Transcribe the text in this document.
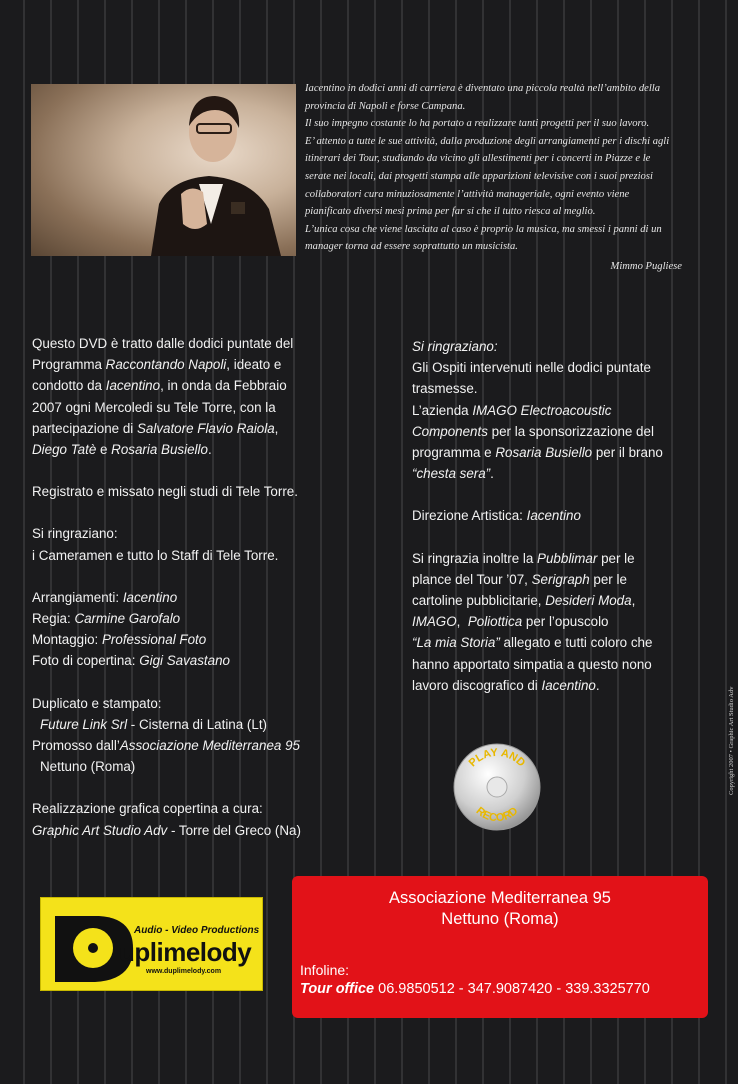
Iacentino in dodici anni di carriera è diventato una piccola realtà nell’ambito della

provincia di Napoli e forse Campana.

Il suo impegno costante lo ha portato a realizzare tanti progetti per il suo lavoro.

E’ attento a tutte le sue attività, dalla produzione degli arrangiamenti per i dischi agli

itinerari dei Tour, studiando da vicino gli allestimenti per i concerti in Piazze e le

serate nei locali, dai progetti stampa alle apparizioni televisive con i suoi preziosi

collaboratori cura minuziosamente l’attività manageriale, ogni evento viene

pianificato diversi mesi prima per far si che il tutto riesca al meglio.

L’unica cosa che viene lasciata al caso è proprio la musica, ma smessi i panni di un

manager torna ad essere soprattutto un musicista.

Mimmo Pugliese

Questo DVD è tratto dalle dodici puntate del
Programma Raccontando Napoli, ideato e
condotto da Iacentino, in onda da Febbraio
2007 ogni Mercoledi su Tele Torre, con la
partecipazione di Salvatore Flavio Raiola,
Diego Tatè e Rosaria Busiello.

Registrato e missato negli studi di Tele Torre.

Si ringraziano:
i Cameramen e tutto lo Staff di Tele Torre.

Arrangiamenti: Iacentino
Regia: Carmine Garofalo
Montaggio: Professional Foto
Foto di copertina: Gigi Savastano

Duplicato e stampato:
Future Link Srl - Cisterna di Latina (Lt)
Promosso dall’Associazione Mediterranea 95
Nettuno (Roma)

Realizzazione grafica copertina a cura:
Graphic Art Studio Adv - Torre del Greco (Na)

Si ringraziano:
Gli Ospiti intervenuti nelle dodici puntate
trasmesse.
L’azienda IMAGO Electroacoustic
Components per la sponsorizzazione del
programma e Rosaria Busiello per il brano
“chesta sera”.

Direzione Artistica: Iacentino

Si ringrazia inoltre la Pubblimar per le
plance del Tour ’07, Serigraph per le
cartoline pubblicitarie, Desideri Moda,
IMAGO,  Poliottica per l’opuscolo
“La mia Storia” allegato e tutti coloro che
hanno apportato simpatia a questo nono
lavoro discografico di Iacentino.

PLAY AND
RECORD
Copyright 2007 • Graphic Art Studio Adv
Audio - Video Productions
uplimelody
www.duplimelody.com
Associazione Mediterranea 95
Nettuno (Roma)
Infoline:
Tour office 06.9850512 - 347.9087420 - 339.3325770
